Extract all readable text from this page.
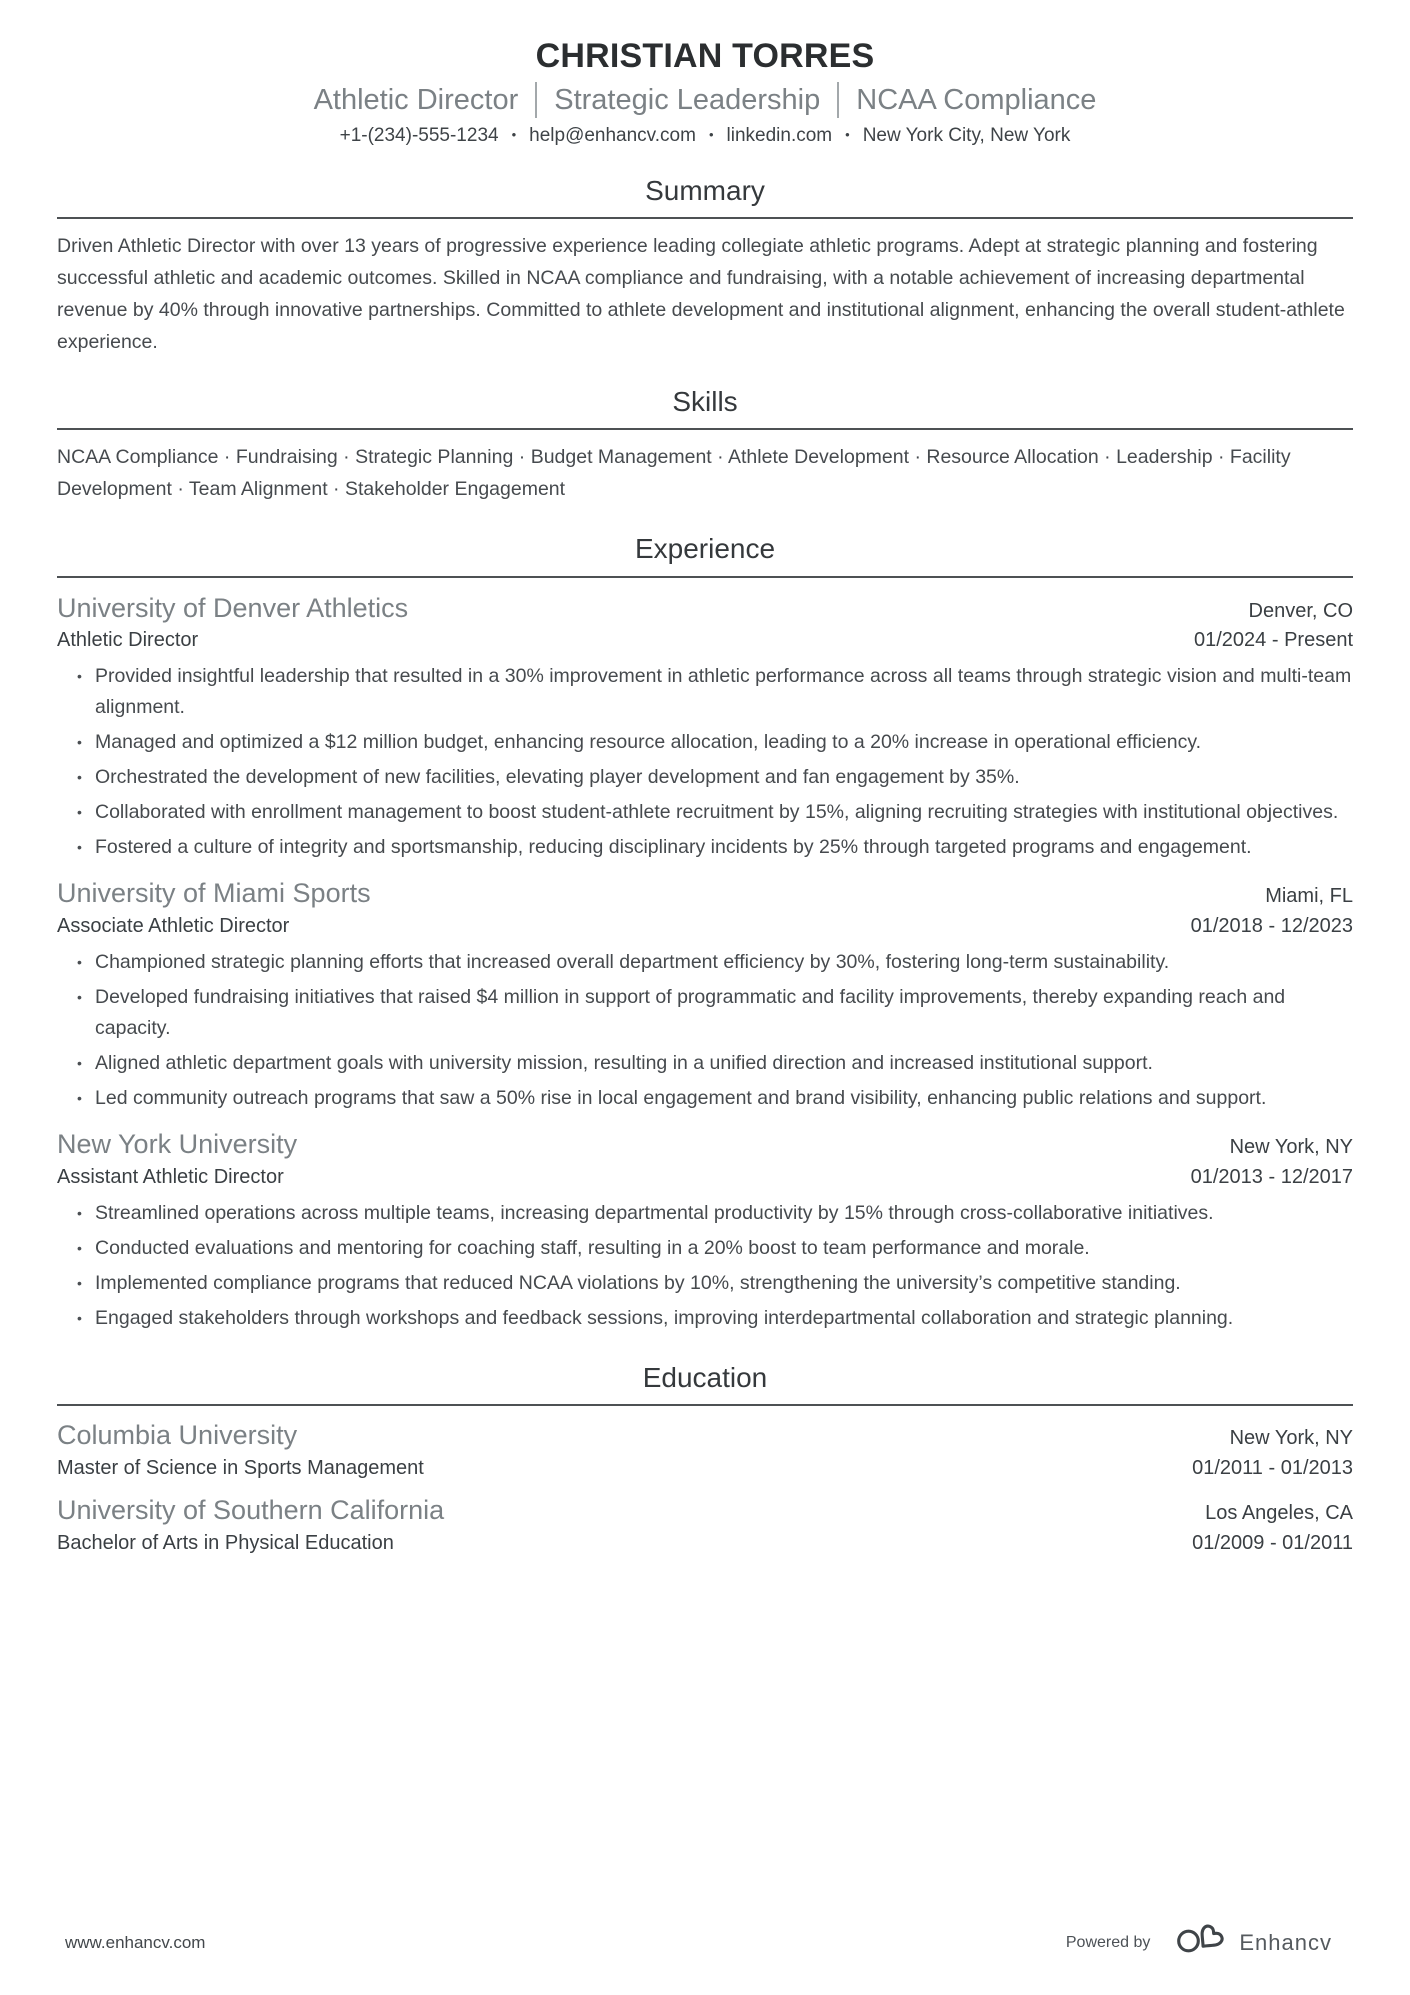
CHRISTIAN TORRES
Athletic Director	Strategic Leadership	NCAA Compliance
+1-(234)-555-1234 • help@enhancv.com • linkedin.com • New York City, New York
Summary

Driven Athletic Director with over 13 years of progressive experience leading collegiate athletic programs. Adept at strategic planning and fostering successful athletic and academic outcomes. Skilled in NCAA compliance and fundraising, with a notable achievement of increasing departmental revenue by 40% through innovative partnerships. Committed to athlete development and institutional alignment, enhancing the overall student-athlete experience.

Skills

NCAA Compliance · Fundraising · Strategic Planning · Budget Management · Athlete Development · Resource Allocation · Leadership · Facility Development · Team Alignment · Stakeholder Engagement

Experience
University of Denver Athletics	Denver, CO
Athletic Director	01/2024 - Present
• Provided insightful leadership that resulted in a 30% improvement in athletic performance across all teams through strategic vision and multi-team alignment.
• Managed and optimized a $12 million budget, enhancing resource allocation, leading to a 20% increase in operational efficiency.
• Orchestrated the development of new facilities, elevating player development and fan engagement by 35%.
• Collaborated with enrollment management to boost student-athlete recruitment by 15%, aligning recruiting strategies with institutional objectives.
• Fostered a culture of integrity and sportsmanship, reducing disciplinary incidents by 25% through targeted programs and engagement.
University of Miami Sports	Miami, FL
Associate Athletic Director	01/2018 - 12/2023
• Championed strategic planning efforts that increased overall department efficiency by 30%, fostering long-term sustainability.
• Developed fundraising initiatives that raised $4 million in support of programmatic and facility improvements, thereby expanding reach and capacity.
• Aligned athletic department goals with university mission, resulting in a unified direction and increased institutional support.
• Led community outreach programs that saw a 50% rise in local engagement and brand visibility, enhancing public relations and support.
New York University	New York, NY
Assistant Athletic Director	01/2013 - 12/2017
• Streamlined operations across multiple teams, increasing departmental productivity by 15% through cross-collaborative initiatives.
• Conducted evaluations and mentoring for coaching staff, resulting in a 20% boost to team performance and morale.
• Implemented compliance programs that reduced NCAA violations by 10%, strengthening the university’s competitive standing.
• Engaged stakeholders through workshops and feedback sessions, improving interdepartmental collaboration and strategic planning.
Education
Columbia University	New York, NY
Master of Science in Sports Management	01/2011 - 01/2013
University of Southern California	Los Angeles, CA
Bachelor of Arts in Physical Education	01/2009 - 01/2011
www.enhancv.com	Powered by	Enhancv
